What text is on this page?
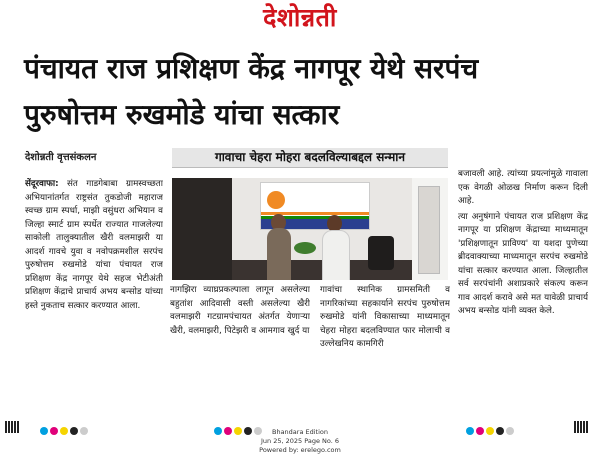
देशोन्नती
पंचायत राज प्रशिक्षण केंद्र नागपूर येथे सरपंच
पुरुषोत्तम रुखमोडे यांचा सत्कार
देशोन्नती वृत्तसंकलन	गावाचा चेहरा मोहरा बदलविल्याबद्दल सन्मान
सेंदूरवाफा: संत गाडगेबाबा ग्रामस्वच्छता अभियानांतर्गत राष्ट्रसंत तुकडोजी महाराज स्वच्छ ग्राम स्पर्धा, माझी वसुंधरा अभियान व जिल्हा स्मार्ट ग्राम स्पर्धेत राज्यात गाजलेल्या साकोली तालुक्यातील खैरी वलमाझरी या आदर्श गावचे युवा व नवोपक्रमशील सरपंच पुरुषोत्तम रुखमोडे यांचा पंचायत राज प्रशिक्षण केंद्र नागपूर येथे सहज भेटीअंती प्रशिक्षण केंद्राचे प्राचार्य अभय बन्सोड यांच्या हस्ते नुकताच सत्कार करण्यात आला.
नागझिरा व्याघ्रप्रकल्पाला लागून असलेल्या बहुतांश आदिवासी वस्ती असलेल्या खैरी वलमाझरी गटग्रामपंचायत अंतर्गत येणाऱ्या खैरी, वलमाझरी, पिटेझरी व आमगाव खुर्द या
गावांचा स्थानिक ग्रामसमिती व नागरिकांच्या सहकार्याने सरपंच पुरुषोत्तम रुखमोडे यांनी विकासाच्या माध्यमातून चेहरा मोहरा बदलविण्यात फार मोलाची व उल्लेखनिय कामगिरी
बजावली आहे. त्यांच्या प्रयत्नांमुळे गावाला एक वेगळी ओळख निर्माण करून दिली आहे.
त्या अनुषंगाने पंचायत राज प्रशिक्षण केंद्र नागपूर या प्रशिक्षण केंद्राच्या माध्यमातून 'प्रशिक्षणातून प्राविण्य' या यशदा पुणेच्या ब्रीदवाक्याच्या माध्यमातून सरपंच रुखमोडे यांचा सत्कार करण्यात आला. जिल्हातील सर्व सरपंचांनी अशाप्रकारे संकल्प करून गाव आदर्श करावे असे मत यावेळी प्राचार्य अभय बन्सोड यांनी व्यक्त केले.
Bhandara Edition
Jun 25, 2025 Page No. 6
Powered by: erelego.com
